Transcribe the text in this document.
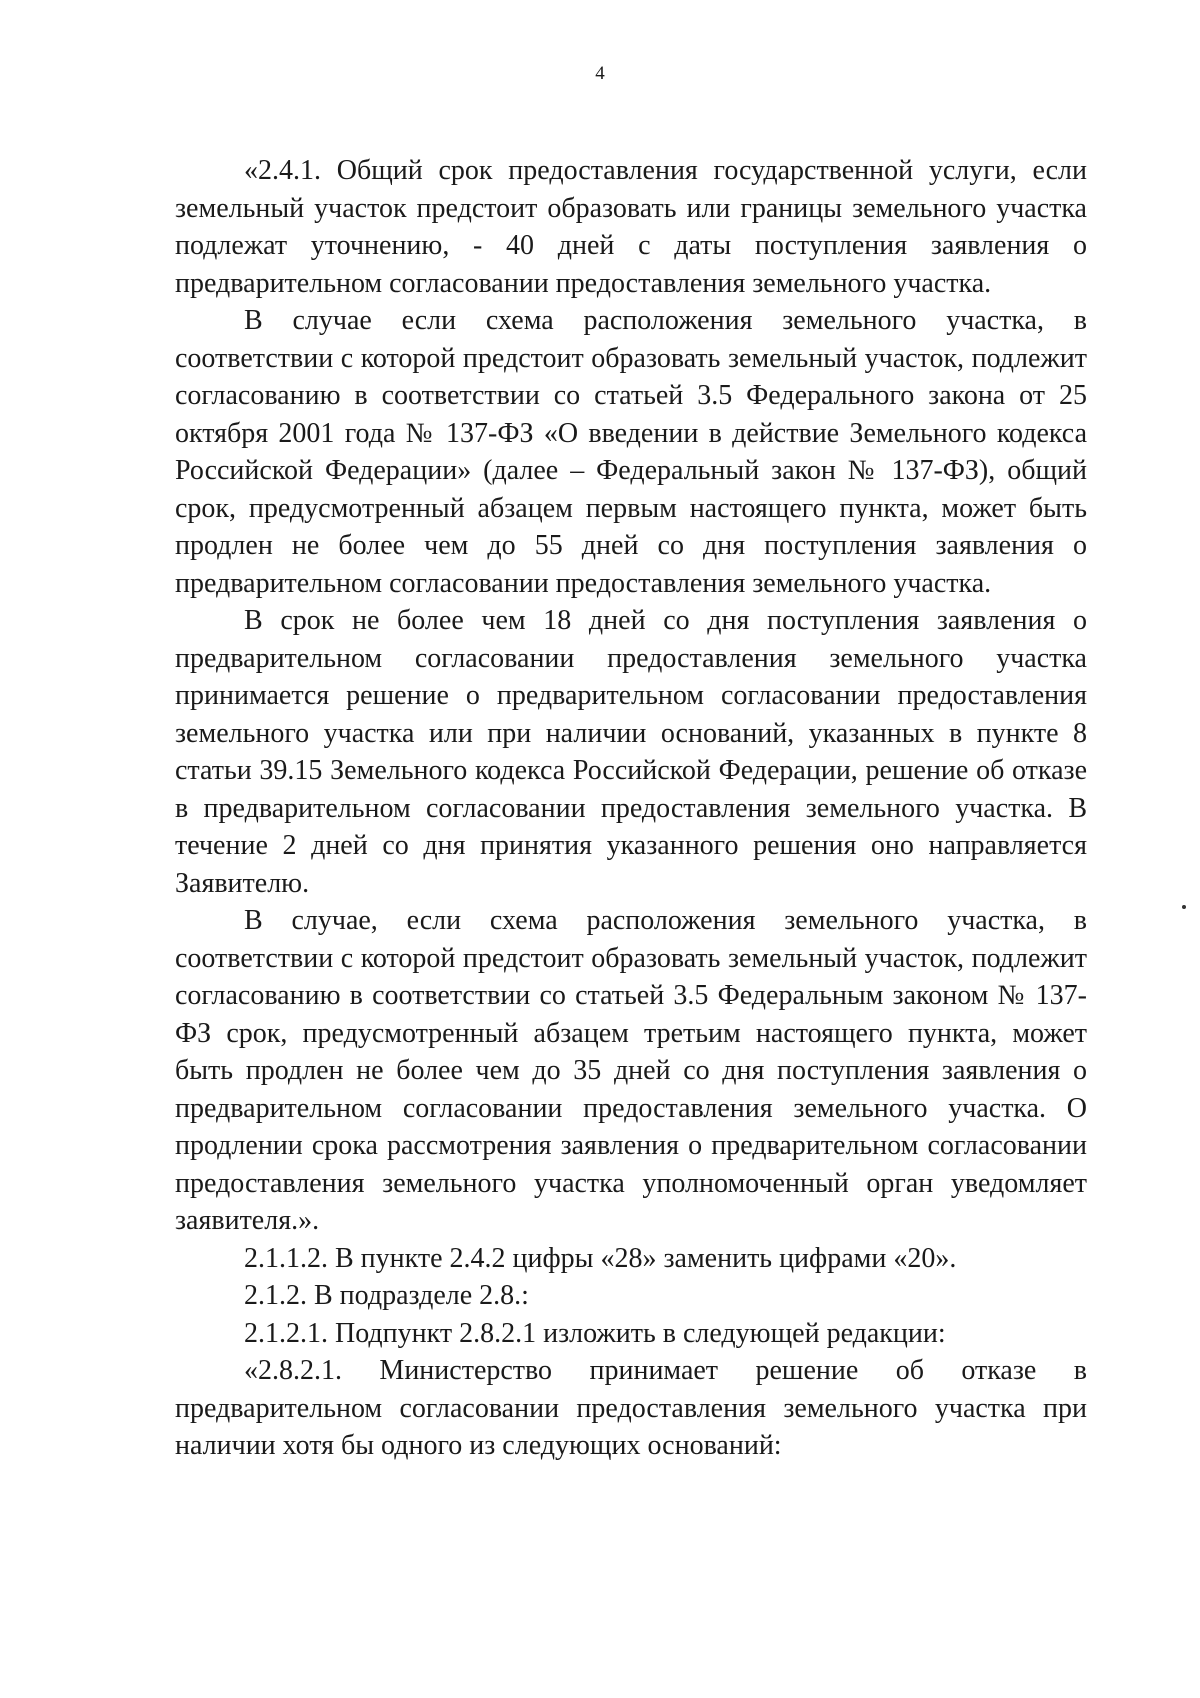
4

«2.4.1. Общий срок предоставления государственной услуги, если земельный участок предстоит образовать или границы земельного участка подлежат уточнению, - 40 дней с даты поступления заявления о предварительном согласовании предоставления земельного участка.

В случае если схема расположения земельного участка, в соответствии с которой предстоит образовать земельный участок, подлежит согласованию в соответствии со статьей 3.5 Федерального закона от 25 октября 2001 года № 137-ФЗ «О введении в действие Земельного кодекса Российской Федерации» (далее – Федеральный закон № 137-ФЗ), общий срок, предусмотренный абзацем первым настоящего пункта, может быть продлен не более чем до 55 дней со дня поступления заявления о предварительном согласовании предоставления земельного участка.

В срок не более чем 18 дней со дня поступления заявления о предварительном согласовании предоставления земельного участка принимается решение о предварительном согласовании предоставления земельного участка или при наличии оснований, указанных в пункте 8 статьи 39.15 Земельного кодекса Российской Федерации, решение об отказе в предварительном согласовании предоставления земельного участка. В течение 2 дней со дня принятия указанного решения оно направляется Заявителю.

В случае, если схема расположения земельного участка, в соответствии с которой предстоит образовать земельный участок, подлежит согласованию в соответствии со статьей 3.5 Федеральным законом № 137-ФЗ срок, предусмотренный абзацем третьим настоящего пункта, может быть продлен не более чем до 35 дней со дня поступления заявления о предварительном согласовании предоставления земельного участка. О продлении срока рассмотрения заявления о предварительном согласовании предоставления земельного участка уполномоченный орган уведомляет заявителя.».

2.1.1.2. В пункте 2.4.2 цифры «28» заменить цифрами «20».

2.1.2. В подразделе 2.8.:

2.1.2.1. Подпункт 2.8.2.1 изложить в следующей редакции:

«2.8.2.1. Министерство принимает решение об отказе в предварительном согласовании предоставления земельного участка при наличии хотя бы одного из следующих оснований:
